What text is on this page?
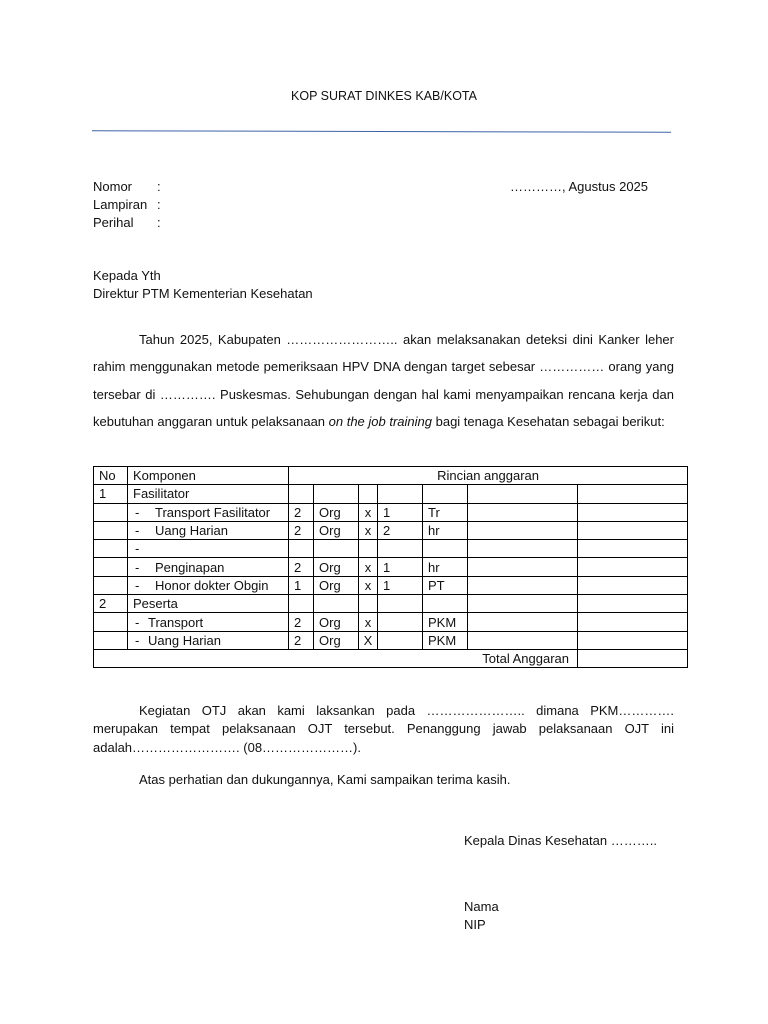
KOP SURAT DINKES KAB/KOTA
Nomor	:
Lampiran :
Perihal	:
…………, Agustus 2025
Kepada Yth
Direktur PTM Kementerian Kesehatan

Tahun 2025, Kabupaten …………………….. akan melaksanakan deteksi dini Kanker leher rahim menggunakan metode pemeriksaan HPV DNA dengan target sebesar …………… orang yang tersebar di …………. Puskesmas. Sehubungan dengan hal kami menyampaikan rencana kerja dan kebutuhan anggaran untuk pelaksanaan on the job training bagi tenaga Kesehatan sebagai berikut:

No	Komponen	Rincian anggaran						
1	Fasilitator							
	- Transport Fasilitator	2	Org	x	1	Tr		
	- Uang Harian	2	Org	x	2	hr		
	-							
	- Penginapan	2	Org	x	1	hr		
	- Honor dokter Obgin	1	Org	x	1	PT		
2	Peserta							
	- Transport	2	Org	x		PKM		
	- Uang Harian	2	Org	X		PKM		
Total Anggaran								

Kegiatan OTJ akan kami laksankan pada ………………….. dimana PKM…………. merupakan tempat pelaksanaan OJT tersebut. Penanggung jawab pelaksanaan OJT ini adalah……………………. (08…………………).

Atas perhatian dan dukungannya, Kami sampaikan terima kasih.
Kepala Dinas Kesehatan ………..
Nama
NIP
